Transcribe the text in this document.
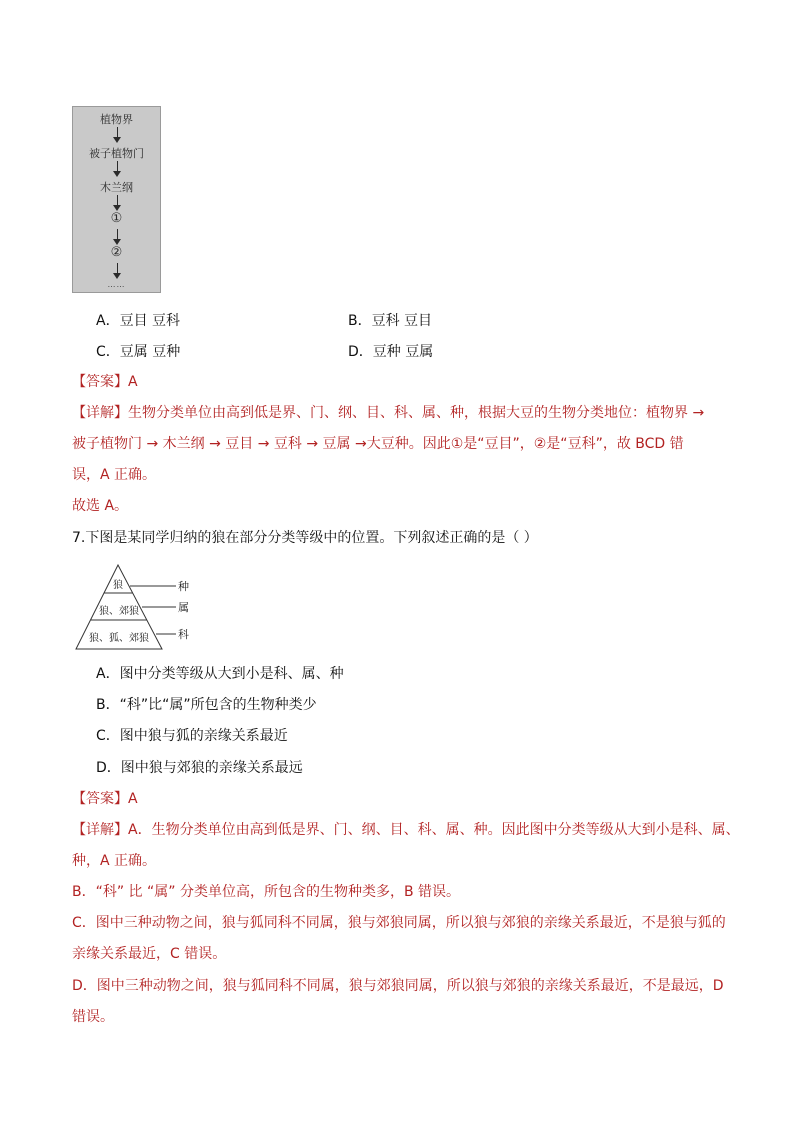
植物界
被子植物门
木兰纲
①
②
……
A．豆目 豆科	B．豆科 豆目
C．豆属 豆种	D．豆种 豆属
【答案】A
【详解】生物分类单位由高到低是界、门、纲、目、科、属、种，根据大豆的生物分类地位：植物界 →
被子植物门 → 木兰纲 → 豆目 → 豆科 → 豆属 →大豆种。因此①是“豆目”，②是“豆科”，故 BCD 错
误，A 正确。
故选 A。
7.下图是某同学归纳的狼在部分分类等级中的位置。下列叙述正确的是（ ）
狼
狼、郊狼
狼、狐、郊狼
种
属
科
A．图中分类等级从大到小是科、属、种
B．“科”比“属”所包含的生物种类少
C．图中狼与狐的亲缘关系最近
D．图中狼与郊狼的亲缘关系最远
【答案】A
【详解】A．生物分类单位由高到低是界、门、纲、目、科、属、种。因此图中分类等级从大到小是科、属、
种，A 正确。
B．“科” 比 “属” 分类单位高，所包含的生物种类多，B 错误。
C．图中三种动物之间，狼与狐同科不同属，狼与郊狼同属，所以狼与郊狼的亲缘关系最近，不是狼与狐的
亲缘关系最近，C 错误。
D．图中三种动物之间，狼与狐同科不同属，狼与郊狼同属，所以狼与郊狼的亲缘关系最近，不是最远，D
错误。
